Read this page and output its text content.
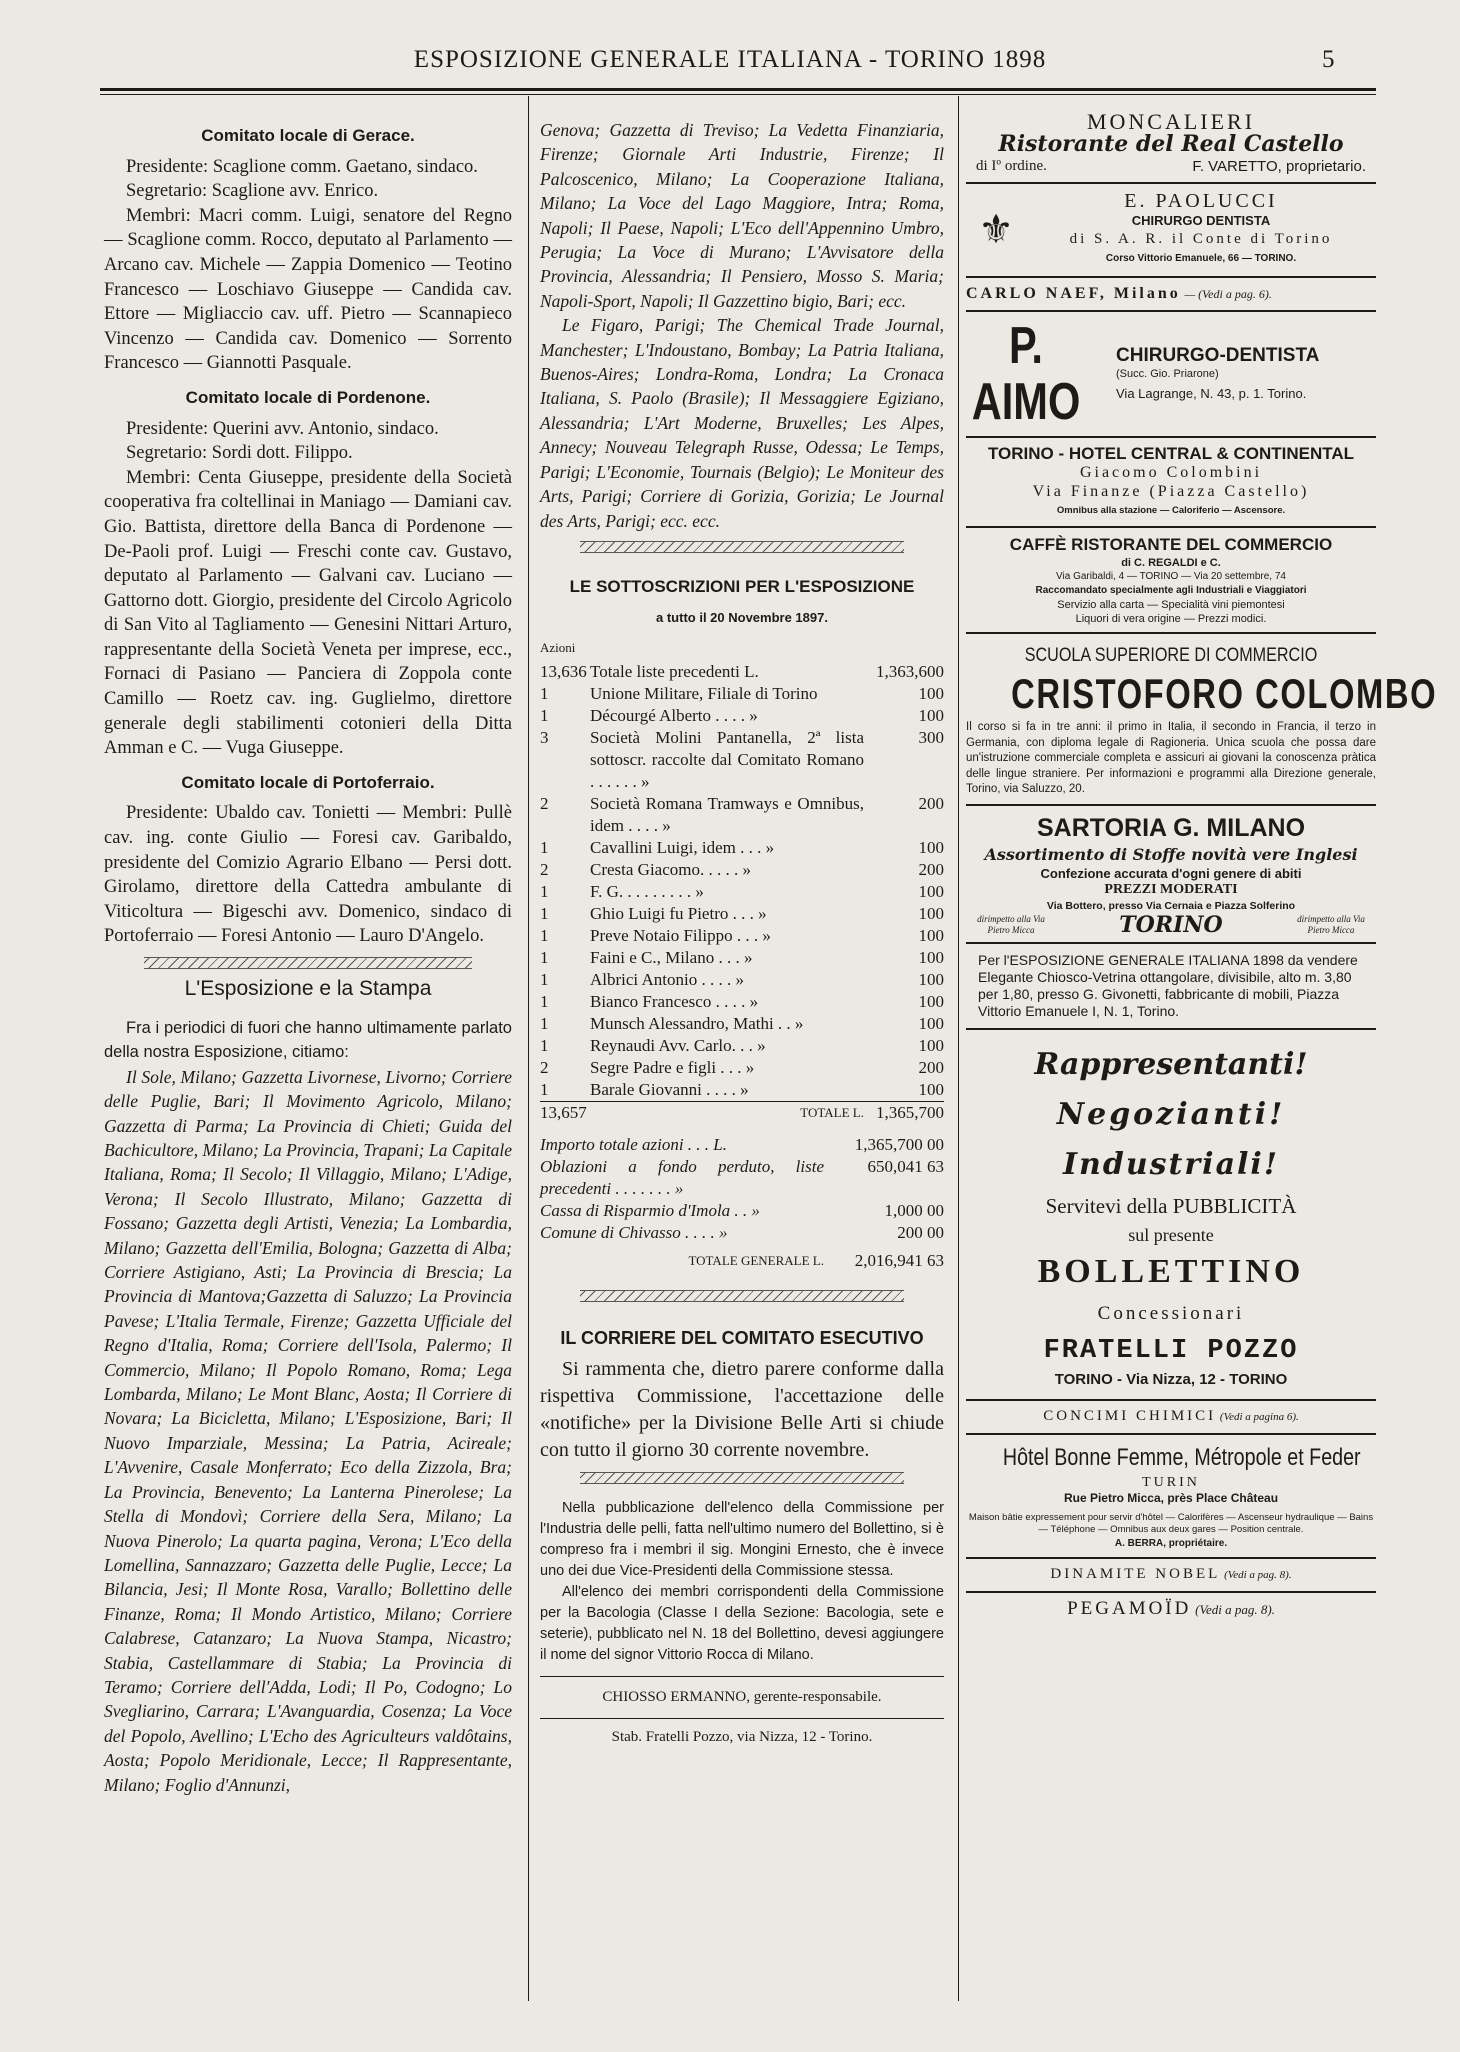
ESPOSIZIONE GENERALE ITALIANA - TORINO 1898	5
Comitato locale di Gerace.

Presidente: Scaglione comm. Gaetano, sindaco.

Segretario: Scaglione avv. Enrico.

Membri: Macri comm. Luigi, senatore del Regno — Scaglione comm. Rocco, deputato al Parlamento — Arcano cav. Michele — Zappia Domenico — Teotino Francesco — Loschiavo Giuseppe — Candida cav. Ettore — Migliaccio cav. uff. Pietro — Scannapieco Vincenzo — Candida cav. Domenico — Sorrento Francesco — Giannotti Pasquale.

Comitato locale di Pordenone.

Presidente: Querini avv. Antonio, sindaco.

Segretario: Sordi dott. Filippo.

Membri: Centa Giuseppe, presidente della Società cooperativa fra coltellinai in Maniago — Damiani cav. Gio. Battista, direttore della Banca di Pordenone — De-Paoli prof. Luigi — Freschi conte cav. Gustavo, deputato al Parlamento — Galvani cav. Luciano — Gattorno dott. Giorgio, presidente del Circolo Agricolo di San Vito al Tagliamento — Genesini Nittari Arturo, rappresentante della Società Veneta per imprese, ecc., Fornaci di Pasiano — Panciera di Zoppola conte Camillo — Roetz cav. ing. Guglielmo, direttore generale degli stabilimenti cotonieri della Ditta Amman e C. — Vuga Giuseppe.

Comitato locale di Portoferraio.

Presidente: Ubaldo cav. Tonietti — Membri: Pullè cav. ing. conte Giulio — Foresi cav. Garibaldo, presidente del Comizio Agrario Elbano — Persi dott. Girolamo, direttore della Cattedra ambulante di Viticoltura — Bigeschi avv. Domenico, sindaco di Portoferraio — Foresi Antonio — Lauro D'Angelo.

L'Esposizione e la Stampa

Fra i periodici di fuori che hanno ultimamente parlato della nostra Esposizione, citiamo:

Il Sole, Milano; Gazzetta Livornese, Livorno; Corriere delle Puglie, Bari; Il Movimento Agricolo, Milano; Gazzetta di Parma; La Provincia di Chieti; Guida del Bachicultore, Milano; La Provincia, Trapani; La Capitale Italiana, Roma; Il Secolo; Il Villaggio, Milano; L'Adige, Verona; Il Secolo Illustrato, Milano; Gazzetta di Fossano; Gazzetta degli Artisti, Venezia; La Lombardia, Milano; Gazzetta dell'Emilia, Bologna; Gazzetta di Alba; Corriere Astigiano, Asti; La Provincia di Brescia; La Provincia di Mantova;Gazzetta di Saluzzo; La Provincia Pavese; L'Italia Termale, Firenze; Gazzetta Ufficiale del Regno d'Italia, Roma; Corriere dell'Isola, Palermo; Il Commercio, Milano; Il Popolo Romano, Roma; Lega Lombarda, Milano; Le Mont Blanc, Aosta; Il Corriere di Novara; La Bicicletta, Milano; L'Esposizione, Bari; Il Nuovo Imparziale, Messina; La Patria, Acireale; L'Avvenire, Casale Monferrato; Eco della Zizzola, Bra; La Provincia, Benevento; La Lanterna Pinerolese; La Stella di Mondovì; Corriere della Sera, Milano; La Nuova Pinerolo; La quarta pagina, Verona; L'Eco della Lomellina, Sannazzaro; Gazzetta delle Puglie, Lecce; La Bilancia, Jesi; Il Monte Rosa, Varallo; Bollettino delle Finanze, Roma; Il Mondo Artistico, Milano; Corriere Calabrese, Catanzaro; La Nuova Stampa, Nicastro; Stabia, Castellammare di Stabia; La Provincia di Teramo; Corriere dell'Adda, Lodi; Il Po, Codogno; Lo Svegliarino, Carrara; L'Avanguardia, Cosenza; La Voce del Popolo, Avellino; L'Echo des Agriculteurs valdôtains, Aosta; Popolo Meridionale, Lecce; Il Rappresentante, Milano; Foglio d'Annunzi,

Genova; Gazzetta di Treviso; La Vedetta Finanziaria, Firenze; Giornale Arti Industrie, Firenze; Il Palcoscenico, Milano; La Cooperazione Italiana, Milano; La Voce del Lago Maggiore, Intra; Roma, Napoli; Il Paese, Napoli; L'Eco dell'Appennino Umbro, Perugia; La Voce di Murano; L'Avvisatore della Provincia, Alessandria; Il Pensiero, Mosso S. Maria; Napoli-Sport, Napoli; Il Gazzettino bigio, Bari; ecc.

Le Figaro, Parigi; The Chemical Trade Journal, Manchester; L'Indoustano, Bombay; La Patria Italiana, Buenos-Aires; Londra-Roma, Londra; La Cronaca Italiana, S. Paolo (Brasile); Il Messaggiere Egiziano, Alessandria; L'Art Moderne, Bruxelles; Les Alpes, Annecy; Nouveau Telegraph Russe, Odessa; Le Temps, Parigi; L'Economie, Tournais (Belgio); Le Moniteur des Arts, Parigi; Corriere di Gorizia, Gorizia; Le Journal des Arts, Parigi; ecc. ecc.

LE SOTTOSCRIZIONI PER L'ESPOSIZIONE
a tutto il 20 Novembre 1897.
Azioni
13,636	Totale liste precedenti L.	1,363,600
1	Unione Militare, Filiale di Torino	100
1	Décourgé Alberto . . . . »	100
3	Società Molini Pantanella, 2ª lista sottoscr. raccolte dal Comitato Romano . . . . . . »	300
2	Società Romana Tramways e Omnibus, idem . . . . »	200
1	Cavallini Luigi, idem . . . »	100
2	Cresta Giacomo. . . . . »	200
1	F. G. . . . . . . . . »	100
1	Ghio Luigi fu Pietro . . . »	100
1	Preve Notaio Filippo . . . »	100
1	Faini e C., Milano . . . »	100
1	Albrici Antonio . . . . »	100
1	Bianco Francesco . . . . »	100
1	Munsch Alessandro, Mathi . . »	100
1	Reynaudi Avv. Carlo. . . »	100
2	Segre Padre e figli . . . »	200
1	Barale Giovanni . . . . »	100
13,657	TOTALE L.	1,365,700
Importo totale azioni . . . L.	1,365,700 00
Oblazioni a fondo perduto, liste precedenti . . . . . . . »	650,041 63
Cassa di Risparmio d'Imola . . »	1,000 00
Comune di Chivasso . . . . »	200 00
TOTALE GENERALE L.	2,016,941 63
IL CORRIERE DEL COMITATO ESECUTIVO

Si rammenta che, dietro parere conforme dalla rispettiva Commissione, l'accettazione delle «notifiche» per la Divisione Belle Arti si chiude con tutto il giorno 30 corrente novembre.

Nella pubblicazione dell'elenco della Commissione per l'Industria delle pelli, fatta nell'ultimo numero del Bollettino, si è compreso fra i membri il sig. Mongini Ernesto, che è invece uno dei due Vice-Presidenti della Commissione stessa.

All'elenco dei membri corrispondenti della Commissione per la Bacologia (Classe I della Sezione: Bacologia, sete e seterie), pubblicato nel N. 18 del Bollettino, devesi aggiungere il nome del signor Vittorio Rocca di Milano.

CHIOSSO ERMANNO, gerente-responsabile.
Stab. Fratelli Pozzo, via Nizza, 12 - Torino.
MONCALIERI
Ristorante del Real Castello
di Iº ordine.	F. VARETTO, proprietario.
⚜
E. PAOLUCCI
CHIRURGO DENTISTA
di S. A. R. il Conte di Torino
Corso Vittorio Emanuele, 66 — TORINO.
CARLO NAEF, Milano — (Vedi a pag. 6).
P. AIMO
CHIRURGO-DENTISTA
(Succ. Gio. Priarone)
Via Lagrange, N. 43, p. 1. Torino.
TORINO - HOTEL CENTRAL & CONTINENTAL
Giacomo Colombini
Via Finanze (Piazza Castello)
Omnibus alla stazione — Caloriferio — Ascensore.
CAFFÈ RISTORANTE DEL COMMERCIO
di C. REGALDI e C.
Via Garibaldi, 4 — TORINO — Via 20 settembre, 74
Raccomandato specialmente agli Industriali e Viaggiatori
Servizio alla carta — Specialità vini piemontesi
Liquori di vera origine — Prezzi modici.
SCUOLA SUPERIORE DI COMMERCIO
CRISTOFORO COLOMBO
Il corso si fa in tre anni: il primo in Italia, il secondo in Francia, il terzo in Germania, con diploma legale di Ragioneria. Unica scuola che possa dare un'istruzione commerciale completa e assicuri ai giovani la conoscenza pràtica delle lingue straniere. Per informazioni e programmi alla Direzione generale, Torino, via Saluzzo, 20.
SARTORIA G. MILANO
Assortimento di Stoffe novità vere Inglesi
Confezione accurata d'ogni genere di abiti
PREZZI MODERATI
Via Bottero, presso Via Cernaia e Piazza Solferino
dirimpetto alla Via Pietro Micca	TORINO	dirimpetto alla Via Pietro Micca
Per l'ESPOSIZIONE GENERALE ITALIANA 1898 da vendere Elegante Chiosco-Vetrina ottangolare, divisibile, alto m. 3,80 per 1,80, presso G. Givonetti, fabbricante di mobili, Piazza Vittorio Emanuele I, N. 1, Torino.
Rappresentanti!
Negozianti!
Industriali!
Servitevi della PUBBLICITÀ
sul presente
BOLLETTINO
Concessionari
FRATELLI POZZO
TORINO - Via Nizza, 12 - TORINO
CONCIMI CHIMICI (Vedi a pagina 6).
Hôtel Bonne Femme, Métropole et Feder
TURIN
Rue Pietro Micca, près Place Château
Maison bâtie expressement pour servir d'hôtel — Calorifères — Ascenseur hydraulique — Bains — Téléphone — Omnibus aux deux gares — Position centrale.
A. BERRA, propriétaire.
DINAMITE NOBEL (Vedi a pag. 8).
PEGAMOÏD (Vedi a pag. 8).
